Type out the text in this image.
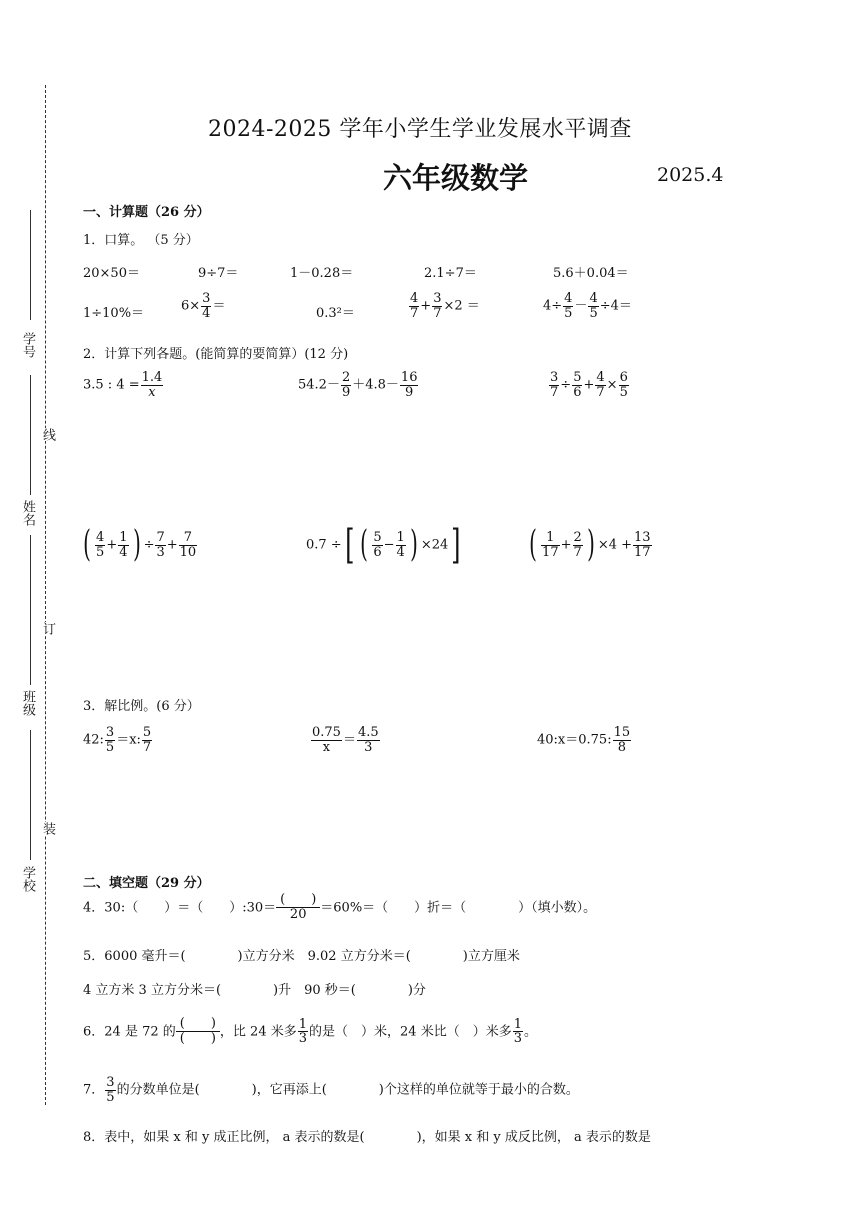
学号
姓名
班级
学校
线
订
装
2024-2025 学年小学生学业发展水平调查
六年级数学	2025.4
一、计算题（26 分）
1．口算。 （5 分）
20×50＝	9÷7＝	1－0.28＝	2.1÷7＝	5.6＋0.04＝
1÷10%＝	$6\times \frac{3}{4}$ ＝	0.3²＝	$\frac{4}{7} + \frac{3}{7} \times 2$ ＝	$4\div \frac{4}{5} - \frac{4}{5} \div 4=$
2．计算下列各题。(能简算的要简算）(12 分)
3.5 : $4 = \frac{1.4}{x}$	$54.2- \frac{2}{9} +4.8- \frac{16}{9}$	$\frac{3}{7} \div \frac{5}{6} + \frac{4}{7} \times \frac{6}{5}$
( $\frac{4}{5} + \frac{1}{4}$ ) ÷ $\frac{7}{3} + \frac{7}{10}$	0.7 ÷[ ( $\frac{5}{6} - \frac{1}{4}$ ) ×24] ( $\frac{1}{17} + \frac{2}{7}$ ) $\times 4 + \frac{13}{17}$
3．解比例。(6 分）
42: $\frac{3}{5} =x$: $\frac{5}{7}$	$\frac{0.75}{x} = \frac{4.5}{3}$	40:x＝0.75: $\frac{15}{8}$
二、填空题（29 分）
4．30:（　　）＝（　　）:30＝
(　　)
20	＝60%＝（　　）折＝（　　　　）（填小数）。
5．6000 毫升＝(　　　　)立方分米　9.02 立方分米＝(　　　　)立方厘米
4 立方米 3 立方分米＝(　　　　)升　90 秒＝(　　　　)分
6．24 是 72 的
(　　)
(　　) ，比 24 米多 $\frac{1}{3}$ 的是（　）米，24 米比（　）米多 $\frac{1}{3}$ 。
7． $\frac{3}{5}$ 的分数单位是(　　　　)，它再添上(　　　　)个这样的单位就等于最小的合数。
8．表中，如果 x 和 y 成正比例， a 表示的数是(　　　　)，如果 x 和 y 成反比例， a 表示的数是
